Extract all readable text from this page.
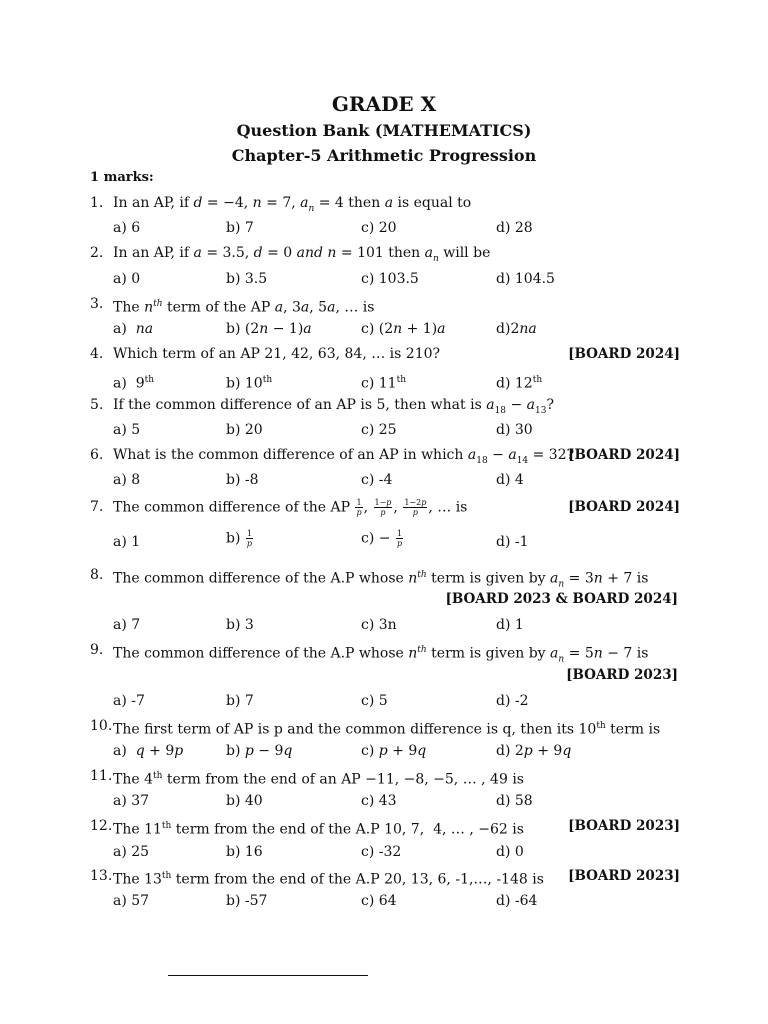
GRADE X
Question Bank (MATHEMATICS)
Chapter-5 Arithmetic Progression
1 marks:
1. In an AP, if d = −4, n = 7, $a_n = 4$ then a is equal to
a) 6	b) 7	c) 20	d) 28
2. In an AP, if a = 3.5, d = 0 and n = 101 then $a_n$ will be
a) 0	b) 3.5	c) 103.5	d) 104.5
3. The $n^{th}$ term of the AP a, 3a, 5a, … is
a) na	b) (2n − 1)a	c) (2n + 1)a	d)2na
4. Which term of an AP 21, 42, 63, 84, … is 210?	[BOARD 2024]
a)  9th	b) 10th	c) 11th	d) 12th
5. If the common difference of an AP is 5, then what is $a_{18} - a_{13}$?
a) 5	b) 20	c) 25	d) 30
6. What is the common difference of an AP in which $a_{18} - a_{14} = 32$?
[BOARD 2024]
a) 8	b) -8	c) -4	d) 4
7. The common difference of the AP $\frac{1}{p}$ , $\frac{1-p}{p}$ , $\frac{1-2p}{p}$ , … is	[BOARD 2024]
a) 1	$b) \frac{1}{p}$	$c) - \frac{1}{p}$	d) -1
8. The common difference of the A.P whose $n^{th}$ term is given by $a_n = 3n + 7$ is
[BOARD 2023 & BOARD 2024]
a) 7	b) 3	c) 3n	d) 1
9. The common difference of the A.P whose $n^{th}$ term is given by $a_n = 5n - 7$ is
[BOARD 2023]
a) -7	b) 7	c) 5	d) -2
10. The first term of AP is p and the common difference is q, then its 10th term is
a) q + 9p	b) p − 9q	c) p + 9q	d) 2p + 9q
11. The 4th term from the end of an AP −11, −8, −5, … , 49 is
a) 37	b) 40	c) 43	d) 58
12. The 11th term from the end of the A.P 10, 7,  4, … , −62 is	[BOARD 2023]
a) 25	b) 16	c) -32	d) 0
13. The 13th term from the end of the A.P 20, 13, 6, -1,…, -148 is [BOARD 2023]
a) 57	b) -57	c) 64	d) -64
